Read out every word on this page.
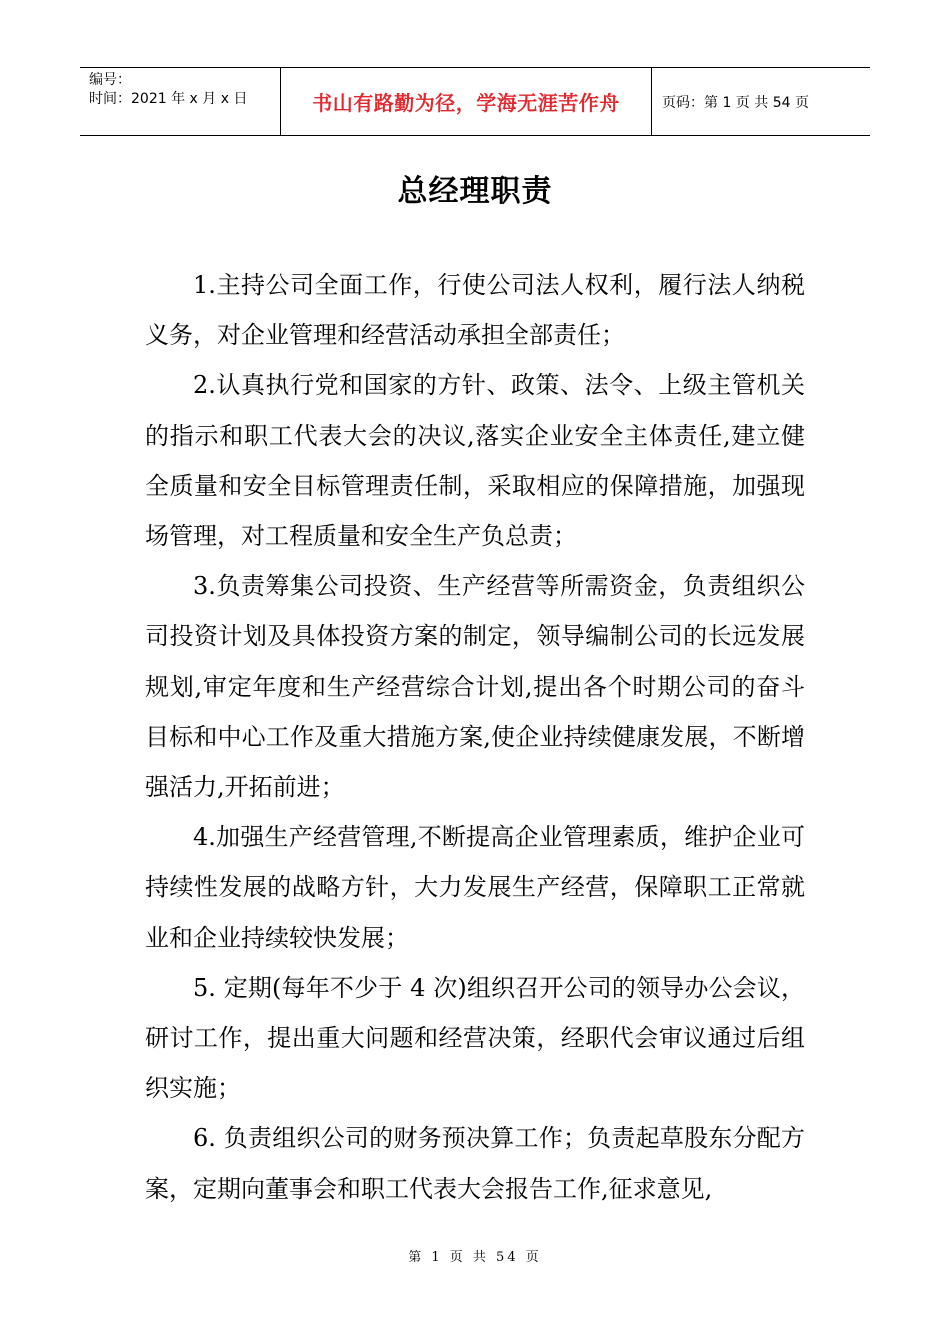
编号：
时间：2021 年 x 月 x 日	书山有路勤为径，学海无涯苦作舟	页码：第 1 页 共 54 页
总经理职责

1.主持公司全面工作，行使公司法人权利，履行法人纳税义务，对企业管理和经营活动承担全部责任；

2.认真执行党和国家的方针、政策、法令、上级主管机关的指示和职工代表大会的决议,落实企业安全主体责任,建立健全质量和安全目标管理责任制，采取相应的保障措施，加强现场管理，对工程质量和安全生产负总责；

3.负责筹集公司投资、生产经营等所需资金，负责组织公司投资计划及具体投资方案的制定，领导编制公司的长远发展规划,审定年度和生产经营综合计划,提出各个时期公司的奋斗目标和中心工作及重大措施方案,使企业持续健康发展，不断增强活力,开拓前进；

4.加强生产经营管理,不断提高企业管理素质，维护企业可持续性发展的战略方针，大力发展生产经营，保障职工正常就业和企业持续较快发展；

5. 定期(每年不少于 4 次)组织召开公司的领导办公会议，研讨工作，提出重大问题和经营决策，经职代会审议通过后组织实施；

6. 负责组织公司的财务预决算工作；负责起草股东分配方案，定期向董事会和职工代表大会报告工作,征求意见,

第 1 页 共 54 页
